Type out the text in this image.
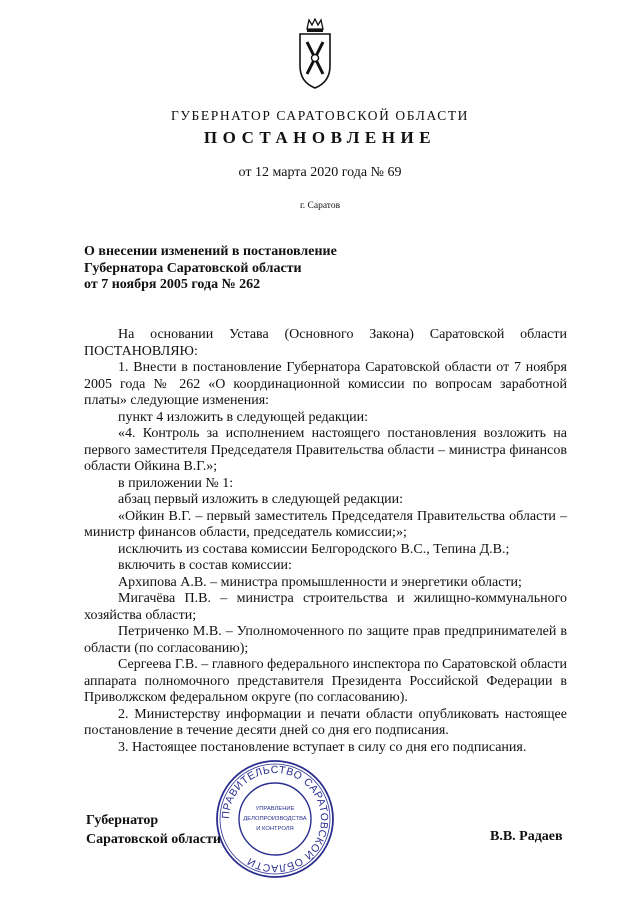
ГУБЕРНАТОР САРАТОВСКОЙ ОБЛАСТИ
ПОСТАНОВЛЕНИЕ
от 12 марта 2020 года № 69
г. Саратов
О внесении изменений в постановление
Губернатора Саратовской области
от 7 ноября 2005 года № 262

На основании Устава (Основного Закона) Саратовской области ПОСТАНОВЛЯЮ:

1. Внести в постановление Губернатора Саратовской области от 7 ноября 2005 года № 262 «О координационной комиссии по вопросам заработной платы» следующие изменения:

пункт 4 изложить в следующей редакции:

«4. Контроль за исполнением настоящего постановления возложить на первого заместителя Председателя Правительства области – министра финансов области Ойкина В.Г.»;

в приложении № 1:

абзац первый изложить в следующей редакции:

«Ойкин В.Г. – первый заместитель Председателя Правительства области – министр финансов области, председатель комиссии;»;

исключить из состава комиссии Белгородского В.С., Тепина Д.В.;

включить в состав комиссии:

Архипова А.В. – министра промышленности и энергетики области;

Мигачёва П.В. – министра строительства и жилищно-коммунального хозяйства области;

Петриченко М.В. – Уполномоченного по защите прав предпринимателей в области (по согласованию);

Сергеева Г.В. – главного федерального инспектора по Саратовской области аппарата полномочного представителя Президента Российской Федерации в Приволжском федеральном округе (по согласованию).

2. Министерству информации и печати области опубликовать настоящее постановление в течение десяти дней со дня его подписания.

3. Настоящее постановление вступает в силу со дня его подписания.

ПРАВИТЕЛЬСТВО САРАТОВСКОЙ ОБЛАСТИ
УПРАВЛЕНИЕ
ДЕЛОПРОИЗВОДСТВА
И КОНТРОЛЯ
Губернатор
Саратовской области	В.В. Радаев
